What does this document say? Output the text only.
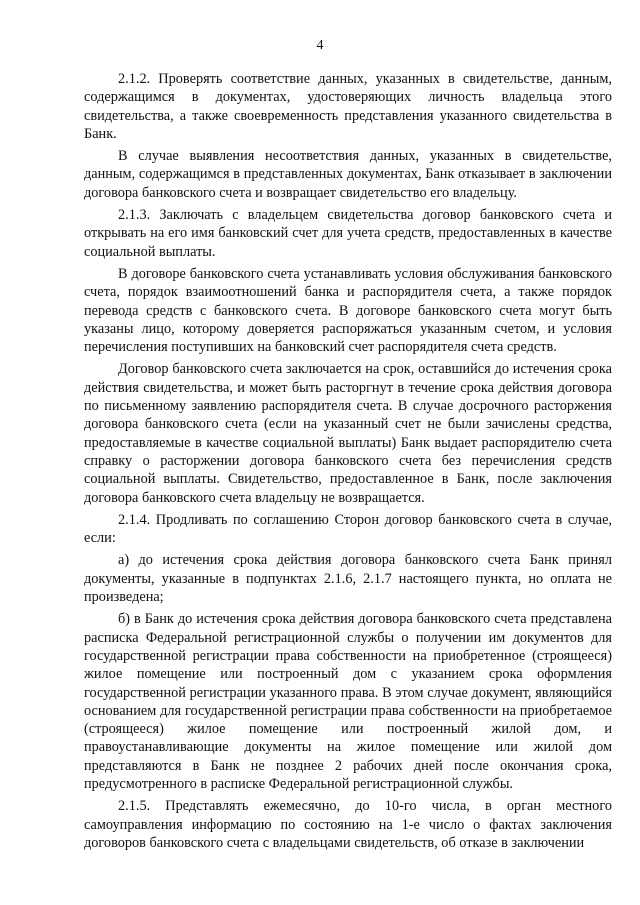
4

2.1.2. Проверять соответствие данных, указанных в свидетельстве, данным, содержащимся в документах, удостоверяющих личность владельца этого свидетельства, а также своевременность представления указанного свидетельства в Банк.

В случае выявления несоответствия данных, указанных в свидетельстве, данным, содержащимся в представленных документах, Банк отказывает в заключении договора банковского счета и возвращает свидетельство его владельцу.

2.1.3. Заключать с владельцем свидетельства договор банковского счета и открывать на его имя банковский счет для учета средств, предоставленных в качестве социальной выплаты.

В договоре банковского счета устанавливать условия обслуживания банковского счета, порядок взаимоотношений банка и распорядителя счета, а также порядок перевода средств с банковского счета. В договоре банковского счета могут быть указаны лицо, которому доверяется распоряжаться указанным счетом, и условия перечисления поступивших на банковский счет распорядителя счета средств.

Договор банковского счета заключается на срок, оставшийся до истечения срока действия свидетельства, и может быть расторгнут в течение срока действия договора по письменному заявлению распорядителя счета. В случае досрочного расторжения договора банковского счета (если на указанный счет не были зачислены средства, предоставляемые в качестве социальной выплаты) Банк выдает распорядителю счета справку о расторжении договора банковского счета без перечисления средств социальной выплаты. Свидетельство, предоставленное в Банк, после заключения договора банковского счета владельцу не возвращается.

2.1.4. Продливать по соглашению Сторон договор банковского счета в случае, если:

а) до истечения срока действия договора банковского счета Банк принял документы, указанные в подпунктах 2.1.6, 2.1.7 настоящего пункта, но оплата не произведена;

б) в Банк до истечения срока действия договора банковского счета представлена расписка Федеральной регистрационной службы о получении им документов для государственной регистрации права собственности на приобретенное (строящееся) жилое помещение или построенный дом с указанием срока оформления государственной регистрации указанного права. В этом случае документ, являющийся основанием для государственной регистрации права собственности на приобретаемое (строящееся) жилое помещение или построенный жилой дом, и правоустанавливающие документы на жилое помещение или жилой дом представляются в Банк не позднее 2 рабочих дней после окончания срока, предусмотренного в расписке Федеральной регистрационной службы.

2.1.5. Представлять ежемесячно, до 10-го числа, в орган местного самоуправления информацию по состоянию на 1-е число о фактах заключения договоров банковского счета с владельцами свидетельств, об отказе в заключении
